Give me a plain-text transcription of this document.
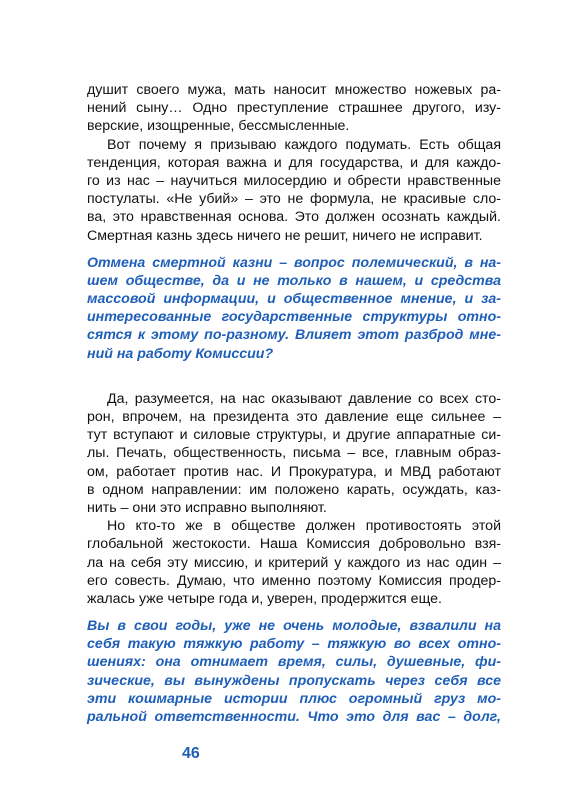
душит своего мужа, мать наносит множество ножевых ра-
нений сыну… Одно преступление страшнее другого, изу-
верские, изощренные, бессмысленные.
Вот почему я призываю каждого подумать. Есть общая
тенденция, которая важна и для государства, и для каждо-
го из нас – научиться милосердию и обрести нравственные
постулаты. «Не убий» – это не формула, не красивые сло-
ва, это нравственная основа. Это должен осознать каждый.
Смертная казнь здесь ничего не решит, ничего не исправит.
Отмена смертной казни – вопрос полемический, в на-
шем обществе, да и не только в нашем, и средства
массовой информации, и общественное мнение, и за-
интересованные государственные структуры отно-
сятся к этому по-разному. Влияет этот разброд мне-
ний на работу Комиссии?
Да, разумеется, на нас оказывают давление со всех сто-
рон, впрочем, на президента это давление еще сильнее –
тут вступают и силовые структуры, и другие аппаратные си-
лы. Печать, общественность, письма – все, главным образ-
ом, работает против нас. И Прокуратура, и МВД работают
в одном направлении: им положено карать, осуждать, каз-
нить – они это исправно выполняют.
Но кто-то же в обществе должен противостоять этой
глобальной жестокости. Наша Комиссия добровольно взя-
ла на себя эту миссию, и критерий у каждого из нас один –
его совесть. Думаю, что именно поэтому Комиссия продер-
жалась уже четыре года и, уверен, продержится еще.
Вы в свои годы, уже не очень молодые, взвалили на
себя такую тяжкую работу – тяжкую во всех отно-
шениях: она отнимает время, силы, душевные, фи-
зические, вы вынуждены пропускать через себя все
эти кошмарные истории плюс огромный груз мо-
ральной ответственности. Что это для вас – долг,
46
